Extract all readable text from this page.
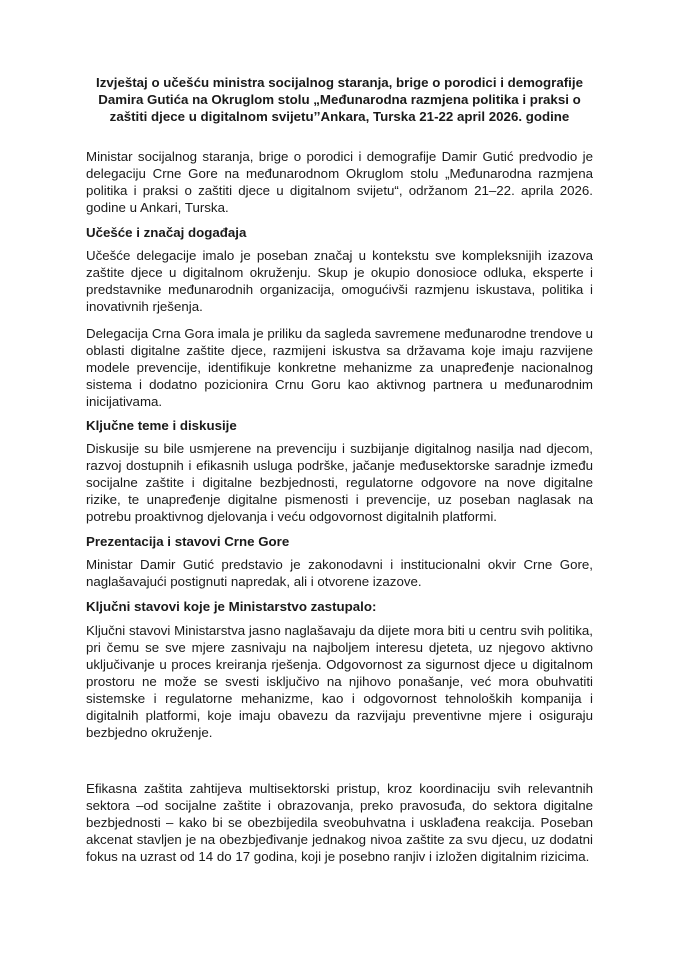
Izvještaj o učešću ministra socijalnog staranja, brige o porodici i demografije
Damira Gutića na Okruglom stolu „Međunarodna razmjena politika i praksi o
zaštiti djece u digitalnom svijetu’’Ankara, Turska 21-22 april 2026. godine

Ministar socijalnog staranja, brige o porodici i demografije Damir Gutić predvodio je delegaciju Crne Gore na međunarodnom Okruglom stolu „Međunarodna razmjena politika i praksi o zaštiti djece u digitalnom svijetu“, održanom 21–22. aprila 2026. godine u Ankari, Turska.

Učešće i značaj događaja

Učešće delegacije imalo je poseban značaj u kontekstu sve kompleksnijih izazova zaštite djece u digitalnom okruženju. Skup je okupio donosioce odluka, eksperte i predstavnike međunarodnih organizacija, omogućivši razmjenu iskustava, politika i inovativnih rješenja.

Delegacija Crna Gora imala je priliku da sagleda savremene međunarodne trendove u oblasti digitalne zaštite djece, razmijeni iskustva sa državama koje imaju razvijene modele prevencije, identifikuje konkretne mehanizme za unapređenje nacionalnog sistema i dodatno pozicionira Crnu Goru kao aktivnog partnera u međunarodnim inicijativama.

Ključne teme i diskusije

Diskusije su bile usmjerene na prevenciju i suzbijanje digitalnog nasilja nad djecom, razvoj dostupnih i efikasnih usluga podrške, jačanje međusektorske saradnje između socijalne zaštite i digitalne bezbjednosti, regulatorne odgovore na nove digitalne rizike, te unapređenje digitalne pismenosti i prevencije, uz poseban naglasak na potrebu proaktivnog djelovanja i veću odgovornost digitalnih platformi.

Prezentacija i stavovi Crne Gore

Ministar Damir Gutić predstavio je zakonodavni i institucionalni okvir Crne Gore, naglašavajući postignuti napredak, ali i otvorene izazove.

Ključni stavovi koje je Ministarstvo zastupalo:

Ključni stavovi Ministarstva jasno naglašavaju da dijete mora biti u centru svih politika, pri čemu se sve mjere zasnivaju na najboljem interesu djeteta, uz njegovo aktivno uključivanje u proces kreiranja rješenja. Odgovornost za sigurnost djece u digitalnom prostoru ne može se svesti isključivo na njihovo ponašanje, već mora obuhvatiti sistemske i regulatorne mehanizme, kao i odgovornost tehnoloških kompanija i digitalnih platformi, koje imaju obavezu da razvijaju preventivne mjere i osiguraju bezbjedno okruženje.

Efikasna zaštita zahtijeva multisektorski pristup, kroz koordinaciju svih relevantnih sektora –od socijalne zaštite i obrazovanja, preko pravosuđa, do sektora digitalne bezbjednosti – kako bi se obezbijedila sveobuhvatna i usklađena reakcija. Poseban akcenat stavljen je na obezbjeđivanje jednakog nivoa zaštite za svu djecu, uz dodatni fokus na uzrast od 14 do 17 godina, koji je posebno ranjiv i izložen digitalnim rizicima.
